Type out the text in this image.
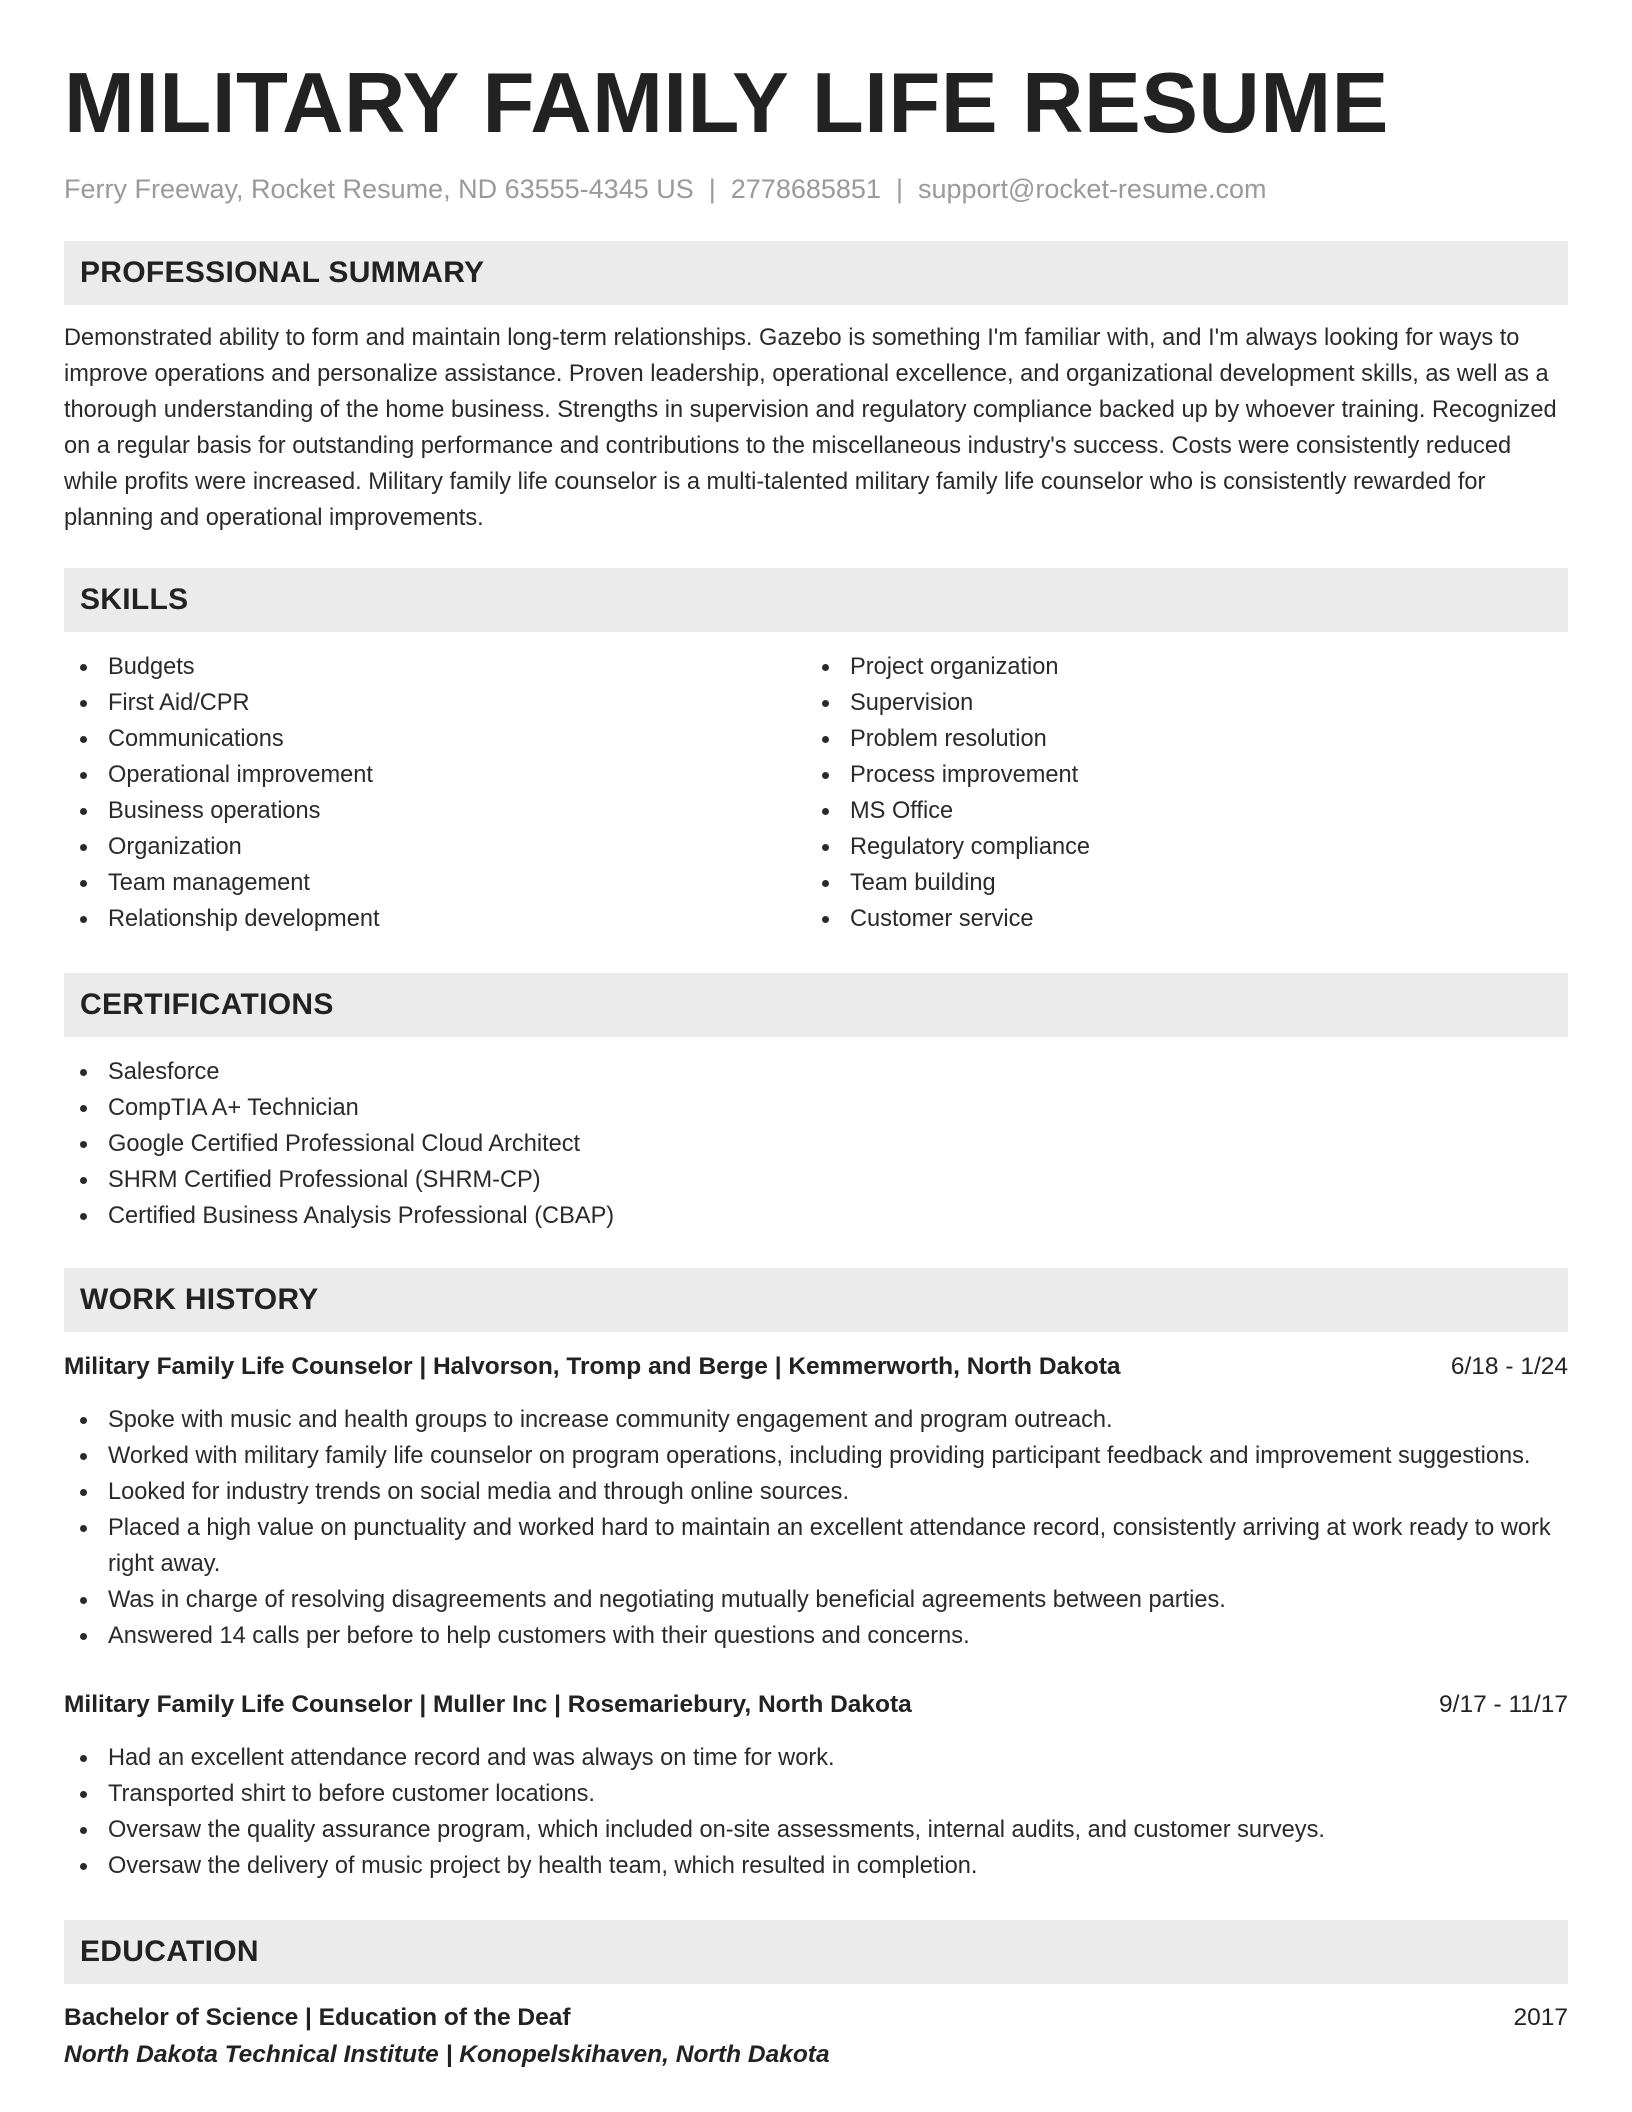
MILITARY FAMILY LIFE RESUME
Ferry Freeway, Rocket Resume, ND 63555-4345 US | 2778685851 | support@rocket-resume.com
PROFESSIONAL SUMMARY

Demonstrated ability to form and maintain long-term relationships. Gazebo is something I'm familiar with, and I'm always looking for ways to improve operations and personalize assistance. Proven leadership, operational excellence, and organizational development skills, as well as a thorough understanding of the home business. Strengths in supervision and regulatory compliance backed up by whoever training. Recognized on a regular basis for outstanding performance and contributions to the miscellaneous industry's success. Costs were consistently reduced while profits were increased. Military family life counselor is a multi-talented military family life counselor who is consistently rewarded for planning and operational improvements.

SKILLS
Budgets
First Aid/CPR
Communications
Operational improvement
Business operations
Organization
Team management
Relationship development
Project organization
Supervision
Problem resolution
Process improvement
MS Office
Regulatory compliance
Team building
Customer service
CERTIFICATIONS
Salesforce
CompTIA A+ Technician
Google Certified Professional Cloud Architect
SHRM Certified Professional (SHRM-CP)
Certified Business Analysis Professional (CBAP)
WORK HISTORY
Military Family Life Counselor | Halvorson, Tromp and Berge | Kemmerworth, North Dakota	6/18 - 1/24
Spoke with music and health groups to increase community engagement and program outreach.
Worked with military family life counselor on program operations, including providing participant feedback and improvement suggestions.
Looked for industry trends on social media and through online sources.
Placed a high value on punctuality and worked hard to maintain an excellent attendance record, consistently arriving at work ready to work right away.
Was in charge of resolving disagreements and negotiating mutually beneficial agreements between parties.
Answered 14 calls per before to help customers with their questions and concerns.
Military Family Life Counselor | Muller Inc | Rosemariebury, North Dakota	9/17 - 11/17
Had an excellent attendance record and was always on time for work.
Transported shirt to before customer locations.
Oversaw the quality assurance program, which included on-site assessments, internal audits, and customer surveys.
Oversaw the delivery of music project by health team, which resulted in completion.
EDUCATION
Bachelor of Science | Education of the Deaf	2017
North Dakota Technical Institute | Konopelskihaven, North Dakota
